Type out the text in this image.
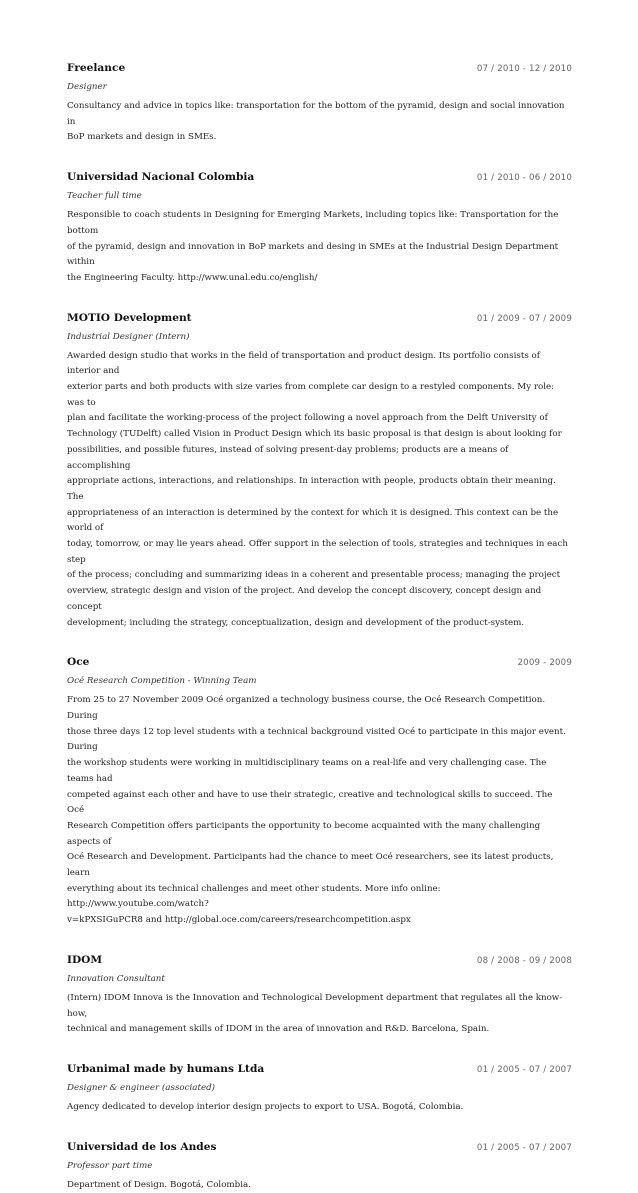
Freelance	07 / 2010 - 12 / 2010
Designer
Consultancy and advice in topics like: transportation for the bottom of the pyramid, design and social innovation in
BoP markets and design in SMEs.
Universidad Nacional Colombia	01 / 2010 - 06 / 2010
Teacher full time
Responsible to coach students in Designing for Emerging Markets, including topics like: Transportation for the bottom
of the pyramid, design and innovation in BoP markets and desing in SMEs at the Industrial Design Department within
the Engineering Faculty. http://www.unal.edu.co/english/
MOTIO Development	01 / 2009 - 07 / 2009
Industrial Designer (Intern)
Awarded design studio that works in the field of transportation and product design. Its portfolio consists of interior and
exterior parts and both products with size varies from complete car design to a restyled components. My role: was to
plan and facilitate the working-process of the project following a novel approach from the Delft University of
Technology (TUDelft) called Vision in Product Design which its basic proposal is that design is about looking for
possibilities, and possible futures, instead of solving present-day problems; products are a means of accomplishing
appropriate actions, interactions, and relationships. In interaction with people, products obtain their meaning. The
appropriateness of an interaction is determined by the context for which it is designed. This context can be the world of
today, tomorrow, or may lie years ahead. Offer support in the selection of tools, strategies and techniques in each step
of the process; concluding and summarizing ideas in a coherent and presentable process; managing the project
overview, strategic design and vision of the project. And develop the concept discovery, concept design and concept
development; including the strategy, conceptualization, design and development of the product-system.
Oce	2009 - 2009
Océ Research Competition - Winning Team
From 25 to 27 November 2009 Océ organized a technology business course, the Océ Research Competition. During
those three days 12 top level students with a technical background visited Océ to participate in this major event. During
the workshop students were working in multidisciplinary teams on a real-life and very challenging case. The teams had
competed against each other and have to use their strategic, creative and technological skills to succeed. The Océ
Research Competition offers participants the opportunity to become acquainted with the many challenging aspects of
Océ Research and Development. Participants had the chance to meet Océ researchers, see its latest products, learn
everything about its technical challenges and meet other students. More info online: http://www.youtube.com/watch?
v=kPXSIGuPCR8 and http://global.oce.com/careers/researchcompetition.aspx
IDOM	08 / 2008 - 09 / 2008
Innovation Consultant
(Intern) IDOM Innova is the Innovation and Technological Development department that regulates all the know-how,
technical and management skills of IDOM in the area of innovation and R&D. Barcelona, Spain.
Urbanimal made by humans Ltda	01 / 2005 - 07 / 2007
Designer & engineer (associated)
Agency dedicated to develop interior design projects to export to USA. Bogotá, Colombia.
Universidad de los Andes	01 / 2005 - 07 / 2007
Professor part time
Department of Design. Bogotá, Colombia.
